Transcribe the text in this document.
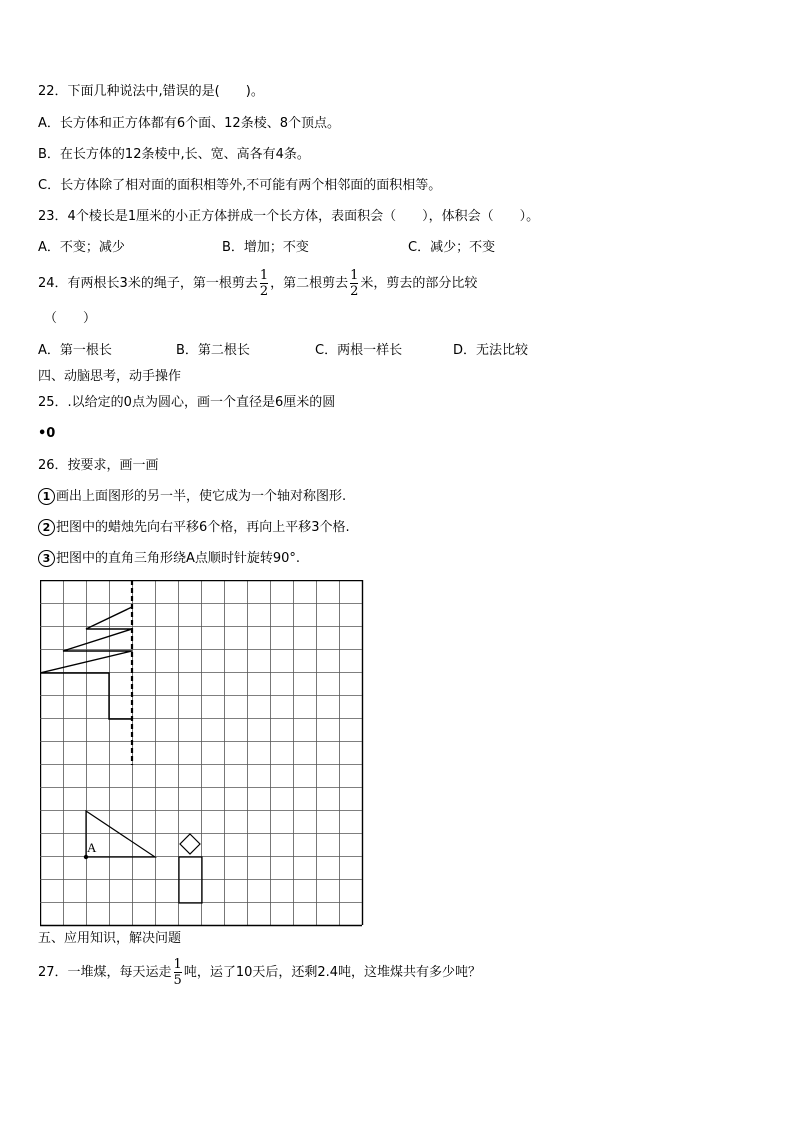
22．下面几种说法中,错误的是(　　)。
A．长方体和正方体都有6个面、12条棱、8个顶点。
B．在长方体的12条棱中,长、宽、高各有4条。
C．长方体除了相对面的面积相等外,不可能有两个相邻面的面积相等。
23．4个棱长是1厘米的小正方体拼成一个长方体，表面积会（　　），体积会（　　）。
A．不变；减少	B．增加；不变	C．减少；不变
24．有两根长3米的绳子，第一根剪去 $\frac{1}{2}$ ，第二根剪去 $\frac{1}{2}$ 米，剪去的部分比较
（　　）
A．第一根长	B．第二根长	C．两根一样长	D．无法比较
四、动脑思考，动手操作
25．.以给定的0点为圆心，画一个直径是6厘米的圆
•0
26．按要求，画一画
1 画出上面图形的另一半，使它成为一个轴对称图形.
2 把图中的蜡烛先向右平移6个格，再向上平移3个格.
3 把图中的直角三角形绕A点顺时针旋转90°.
A
五、应用知识，解决问题
27．一堆煤，每天运走 $\frac{1}{5}$ 吨，运了10天后，还剩2.4吨，这堆煤共有多少吨？
